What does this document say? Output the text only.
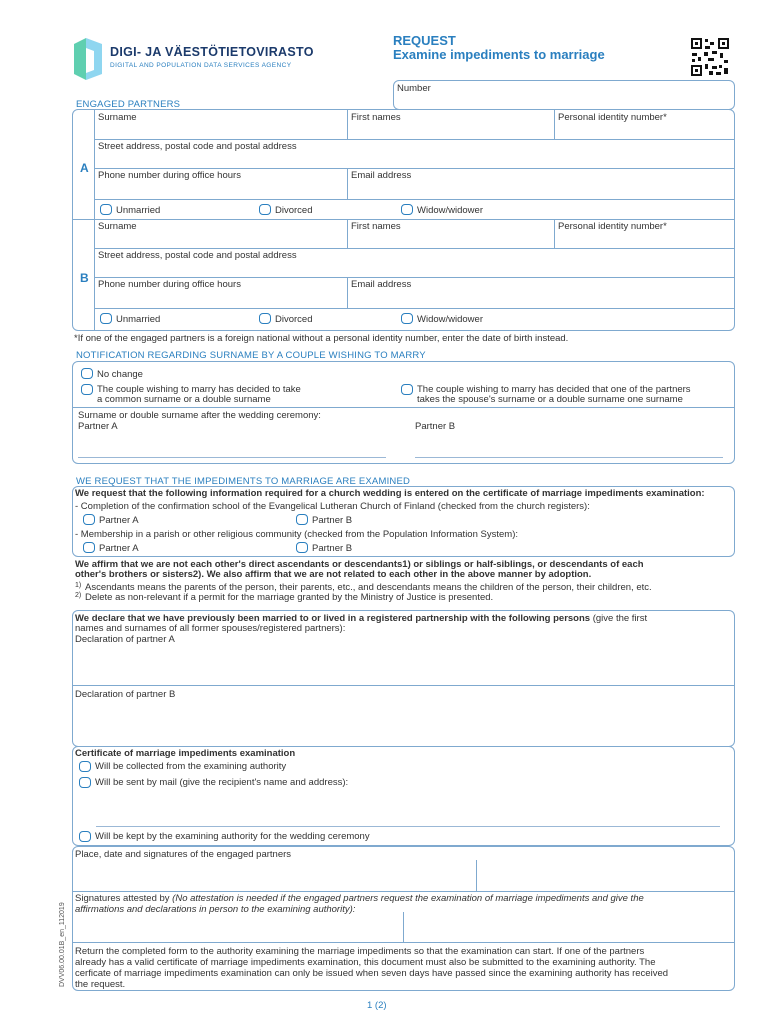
DIGI- JA VÄESTÖTIETOVIRASTO
DIGITAL AND POPULATION DATA SERVICES AGENCY
REQUEST
Examine impediments to marriage
Number
ENGAGED PARTNERS
A
B
Surname	First names	Personal identity number*
Street address, postal code and postal address
Phone number during office hours	Email address
Unmarried	Divorced	Widow/widower
Surname	First names	Personal identity number*
Street address, postal code and postal address
Phone number during office hours	Email address
Unmarried	Divorced	Widow/widower
*If one of the engaged partners is a foreign national without a personal identity number, enter the date of birth instead.
NOTIFICATION REGARDING SURNAME BY A COUPLE WISHING TO MARRY
No change
The couple wishing to marry has decided to take
a common surname or a double surname
The couple wishing to marry has decided that one of the partners
takes the spouse's surname or a double surname one surname
Surname or double surname after the wedding ceremony:
Partner A	Partner B
WE REQUEST THAT THE IMPEDIMENTS TO MARRIAGE ARE EXAMINED
We request that the following information required for a church wedding is entered on the certificate of marriage impediments examination:
- Completion of the confirmation school of the Evangelical Lutheran Church of Finland (checked from the church registers):
Partner A	Partner B
- Membership in a parish or other religious community (checked from the Population Information System):
Partner A	Partner B
We affirm that we are not each other's direct ascendants or descendants1) or siblings or half-siblings, or descendants of each
other's brothers or sisters2). We also affirm that we are not related to each other in the above manner by adoption.
1) Ascendants means the parents of the person, their parents, etc., and descendants means the children of the person, their children, etc.
2) Delete as non-relevant if a permit for the marriage granted by the Ministry of Justice is presented.
We declare that we have previously been married to or lived in a registered partnership with the following persons (give the first
names and surnames of all former spouses/registered partners):
Declaration of partner A
Declaration of partner B
Certificate of marriage impediments examination
Will be collected from the examining authority
Will be sent by mail (give the recipient's name and address):
Will be kept by the examining authority for the wedding ceremony
Place, date and signatures of the engaged partners
Signatures attested by (No attestation is needed if the engaged partners request the examination of marriage impediments and give the
affirmations and declarations in person to the examining authority):
Return the completed form to the authority examining the marriage impediments so that the examination can start. If one of the partners
already has a valid certificate of marriage impediments examination, this document must also be submitted to the examining authority. The
cerficate of marriage impediments examination can only be issued when seven days have passed since the examining authority has received
the request.
1 (2)
DVV06.00.01B_en_112019
